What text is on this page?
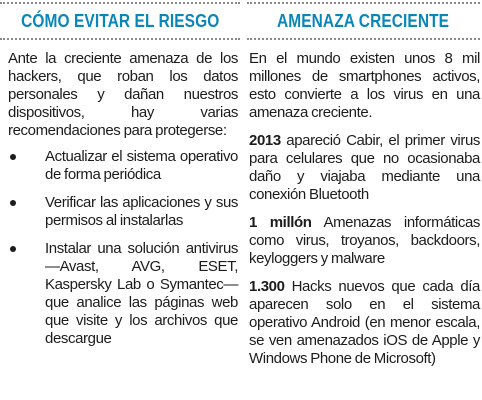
CÓMO EVITAR EL RIESGO

Ante la creciente amenaza de los hackers, que roban los datos personales y dañan nuestros dispositivos, hay varias recomendaciones para protegerse:

Actualizar el sistema operativo de forma periódica
Verificar las aplicaciones y sus permisos al instalarlas
Instalar una solución antivirus —Avast, AVG, ESET, Kaspersky Lab o Symantec— que analice las páginas web que visite y los archivos que descargue
AMENAZA CRECIENTE

En el mundo existen unos 8 mil millones de smartphones activos, esto convierte a los virus en una amenaza creciente.

2013 apareció Cabir, el primer virus para celulares que no ocasionaba daño y viajaba mediante una conexión Bluetooth

1 millón Amenazas informáticas como virus, troyanos, backdoors, keyloggers y malware

1.300 Hacks nuevos que cada día aparecen solo en el sistema operativo Android (en menor escala, se ven amenazados iOS de Apple y Windows Phone de Microsoft)
